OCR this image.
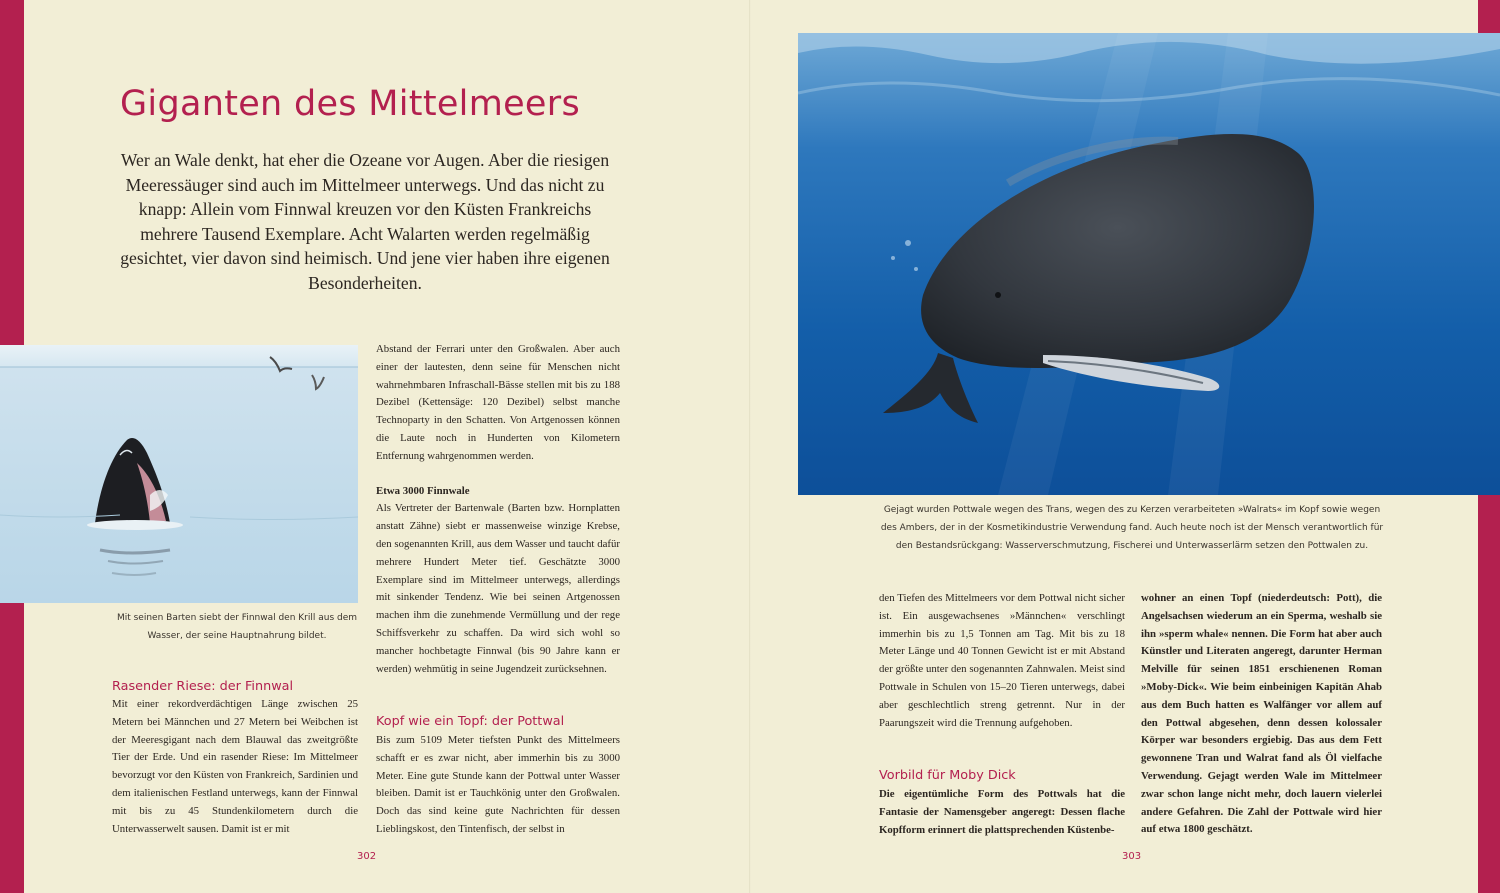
Giganten des Mittelmeers

Wer an Wale denkt, hat eher die Ozeane vor Augen. Aber die riesigen Meeressäuger sind auch im Mittelmeer unterwegs. Und das nicht zu knapp: Allein vom Finnwal kreuzen vor den Küsten Frankreichs mehrere Tausend Exemplare. Acht Walarten werden regelmäßig gesichtet, vier davon sind heimisch. Und jene vier haben ihre eigenen Besonderheiten.

Mit seinen Barten siebt der Finnwal den Krill aus dem Wasser, der seine Hauptnahrung bildet.

Gejagt wurden Pottwale wegen des Trans, wegen des zu Kerzen verarbeiteten »Walrats« im Kopf sowie wegen des Ambers, der in der Kosmetikindustrie Verwendung fand. Auch heute noch ist der Mensch verantwortlich für den Bestandsrückgang: Wasserverschmutzung, Fischerei und Unterwasserlärm setzen den Pottwalen zu.

Rasender Riese: der Finnwal

Mit einer rekordverdächtigen Länge zwischen 25 Metern bei Männchen und 27 Metern bei Weibchen ist der Meeresgigant nach dem Blauwal das zweitgrößte Tier der Erde. Und ein rasender Riese: Im Mittelmeer bevorzugt vor den Küsten von Frankreich, Sardinien und dem italienischen Festland unterwegs, kann der Finnwal mit bis zu 45 Stundenkilometern durch die Unterwasserwelt sausen. Damit ist er mit

Abstand der Ferrari unter den Großwalen. Aber auch einer der lautesten, denn seine für Menschen nicht wahrnehmbaren Infraschall-Bässe stellen mit bis zu 188 Dezibel (Kettensäge: 120 Dezibel) selbst manche Technoparty in den Schatten. Von Artgenossen können die Laute noch in Hunderten von Kilometern Entfernung wahrgenommen werden.

Etwa 3000 Finnwale

Als Vertreter der Bartenwale (Barten bzw. Hornplatten anstatt Zähne) siebt er massenweise winzige Krebse, den sogenannten Krill, aus dem Wasser und taucht dafür mehrere Hundert Meter tief. Geschätzte 3000 Exemplare sind im Mittelmeer unterwegs, allerdings mit sinkender Tendenz. Wie bei seinen Artgenossen machen ihm die zunehmende Vermüllung und der rege Schiffsverkehr zu schaffen. Da wird sich wohl so mancher hochbetagte Finnwal (bis 90 Jahre kann er werden) wehmütig in seine Jugendzeit zurücksehnen.

Kopf wie ein Topf: der Pottwal

Bis zum 5109 Meter tiefsten Punkt des Mittelmeers schafft er es zwar nicht, aber immerhin bis zu 3000 Meter. Eine gute Stunde kann der Pottwal unter Wasser bleiben. Damit ist er Tauchkönig unter den Großwalen. Doch das sind keine gute Nachrichten für dessen Lieblingskost, den Tintenfisch, der selbst in

den Tiefen des Mittelmeers vor dem Pottwal nicht sicher ist. Ein ausgewachsenes »Männchen« verschlingt immerhin bis zu 1,5 Tonnen am Tag. Mit bis zu 18 Meter Länge und 40 Tonnen Gewicht ist er mit Abstand der größte unter den sogenannten Zahnwalen. Meist sind Pottwale in Schulen von 15–20 Tieren unterwegs, dabei aber geschlechtlich streng getrennt. Nur in der Paarungszeit wird die Trennung aufgehoben.

Vorbild für Moby Dick

Die eigentümliche Form des Pottwals hat die Fantasie der Namensgeber angeregt: Dessen flache Kopfform erinnert die plattsprechenden Küstenbe-

wohner an einen Topf (niederdeutsch: Pott), die Angelsachsen wiederum an ein Sperma, weshalb sie ihn »sperm whale« nennen. Die Form hat aber auch Künstler und Literaten angeregt, darunter Herman Melville für seinen 1851 erschienenen Roman »Moby-Dick«. Wie beim einbeinigen Kapitän Ahab aus dem Buch hatten es Walfänger vor allem auf den Pottwal abgesehen, denn dessen kolossaler Körper war besonders ergiebig. Das aus dem Fett gewonnene Tran und Walrat fand als Öl vielfache Verwendung. Gejagt werden Wale im Mittelmeer zwar schon lange nicht mehr, doch lauern vielerlei andere Gefahren. Die Zahl der Pottwale wird hier auf etwa 1800 geschätzt.

302	303
